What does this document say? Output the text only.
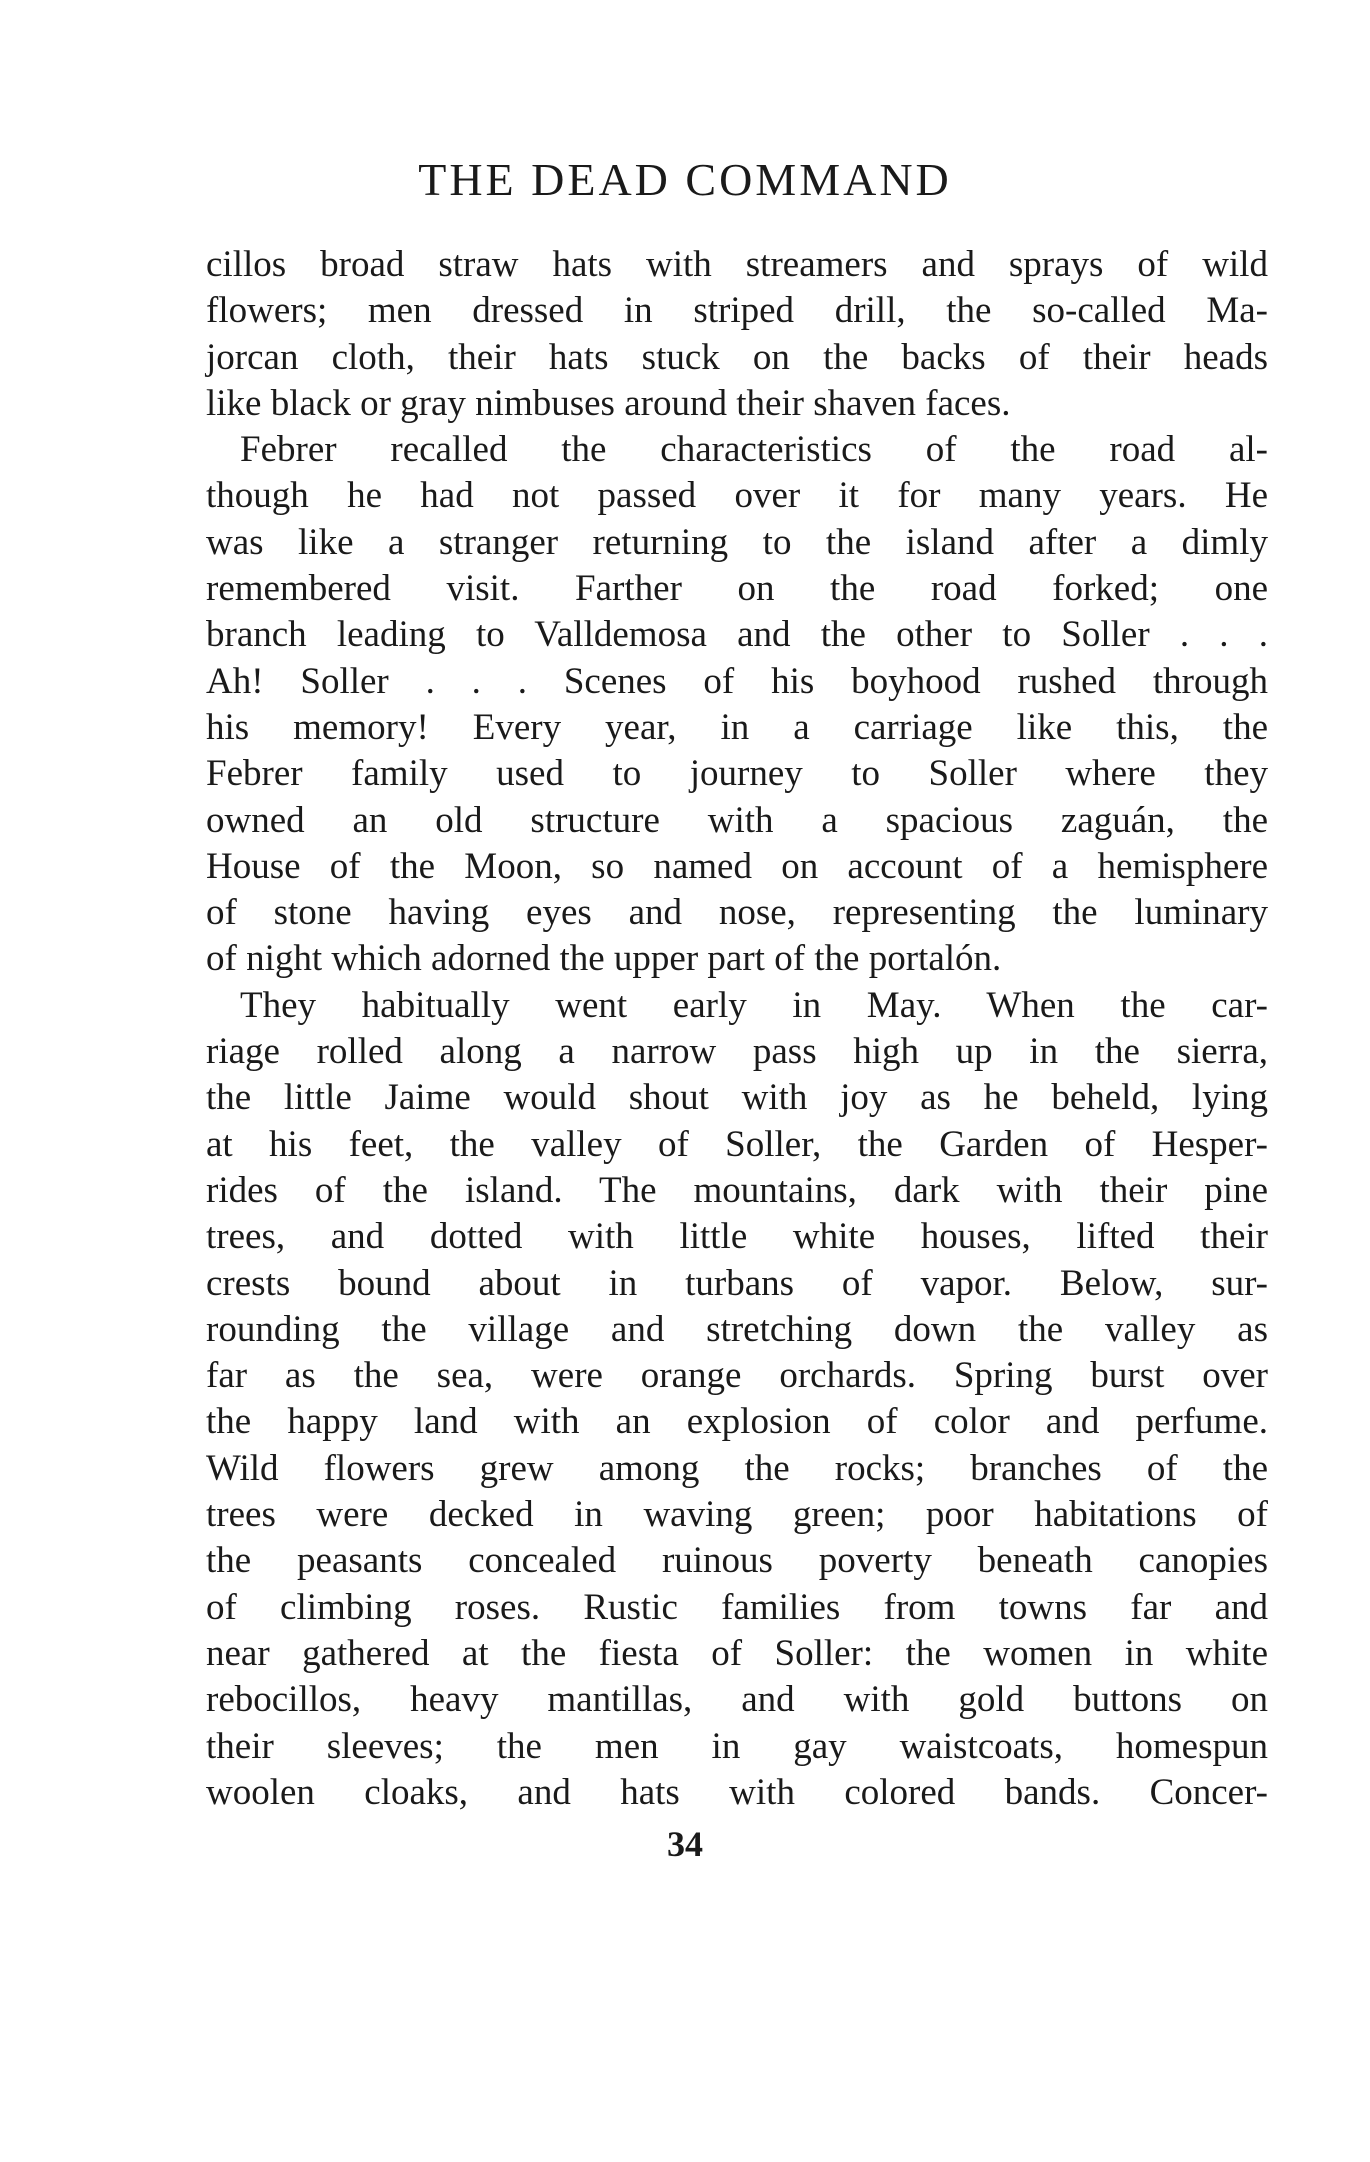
THE DEAD COMMAND
cillos broad straw hats with streamers and sprays of wild
flowers; men dressed in striped drill, the so-called Ma-
jorcan cloth, their hats stuck on the backs of their heads
like black or gray nimbuses around their shaven faces.
Febrer recalled the characteristics of the road al-
though he had not passed over it for many years. He
was like a stranger returning to the island after a dimly
remembered visit. Farther on the road forked; one
branch leading to Valldemosa and the other to Soller . . .
Ah! Soller . . . Scenes of his boyhood rushed through
his memory! Every year, in a carriage like this, the
Febrer family used to journey to Soller where they
owned an old structure with a spacious zaguán, the
House of the Moon, so named on account of a hemisphere
of stone having eyes and nose, representing the luminary
of night which adorned the upper part of the portalón.
They habitually went early in May. When the car-
riage rolled along a narrow pass high up in the sierra,
the little Jaime would shout with joy as he beheld, lying
at his feet, the valley of Soller, the Garden of Hesper-
rides of the island. The mountains, dark with their pine
trees, and dotted with little white houses, lifted their
crests bound about in turbans of vapor. Below, sur-
rounding the village and stretching down the valley as
far as the sea, were orange orchards. Spring burst over
the happy land with an explosion of color and perfume.
Wild flowers grew among the rocks; branches of the
trees were decked in waving green; poor habitations of
the peasants concealed ruinous poverty beneath canopies
of climbing roses. Rustic families from towns far and
near gathered at the fiesta of Soller: the women in white
rebocillos, heavy mantillas, and with gold buttons on
their sleeves; the men in gay waistcoats, homespun
woolen cloaks, and hats with colored bands. Concer-
34
